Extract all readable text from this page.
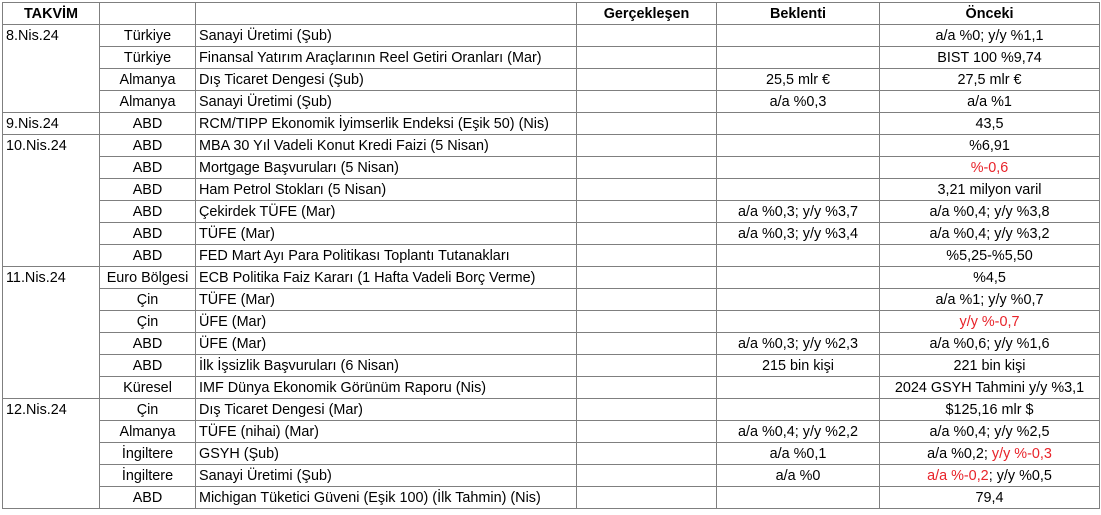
TAKVİM			Gerçekleşen	Beklenti	Önceki
8.Nis.24	Türkiye	Sanayi Üretimi (Şub)			a/a %0; y/y %1,1
	Türkiye	Finansal Yatırım Araçlarının Reel Getiri Oranları (Mar)			BIST 100 %9,74
	Almanya	Dış Ticaret Dengesi (Şub)		25,5 mlr €	27,5 mlr €
	Almanya	Sanayi Üretimi (Şub)		a/a %0,3	a/a %1
9.Nis.24	ABD	RCM/TIPP Ekonomik İyimserlik Endeksi (Eşik 50) (Nis)			43,5
10.Nis.24	ABD	MBA 30 Yıl Vadeli Konut Kredi Faizi (5 Nisan)			%6,91
	ABD	Mortgage Başvuruları (5 Nisan)			%-0,6
	ABD	Ham Petrol Stokları (5 Nisan)			3,21 milyon varil
	ABD	Çekirdek TÜFE (Mar)		a/a %0,3; y/y %3,7	a/a %0,4; y/y %3,8
	ABD	TÜFE (Mar)		a/a %0,3; y/y %3,4	a/a %0,4; y/y %3,2
	ABD	FED Mart Ayı Para Politikası Toplantı Tutanakları			%5,25-%5,50
11.Nis.24	Euro Bölgesi	ECB Politika Faiz Kararı (1 Hafta Vadeli Borç Verme)			%4,5
	Çin	TÜFE (Mar)			a/a %1; y/y %0,7
	Çin	ÜFE (Mar)			y/y %-0,7
	ABD	ÜFE (Mar)		a/a %0,3; y/y %2,3	a/a %0,6; y/y %1,6
	ABD	İlk İşsizlik Başvuruları (6 Nisan)		215 bin kişi	221 bin kişi
	Küresel	IMF Dünya Ekonomik Görünüm Raporu (Nis)			2024 GSYH Tahmini y/y %3,1
12.Nis.24	Çin	Dış Ticaret Dengesi (Mar)			$125,16 mlr $
	Almanya	TÜFE (nihai) (Mar)		a/a %0,4; y/y %2,2	a/a %0,4; y/y %2,5
	İngiltere	GSYH (Şub)		a/a %0,1	a/a %0,2; y/y %-0,3
	İngiltere	Sanayi Üretimi (Şub)		a/a %0	a/a %-0,2; y/y %0,5
	ABD	Michigan Tüketici Güveni (Eşik 100) (İlk Tahmin) (Nis)			79,4
